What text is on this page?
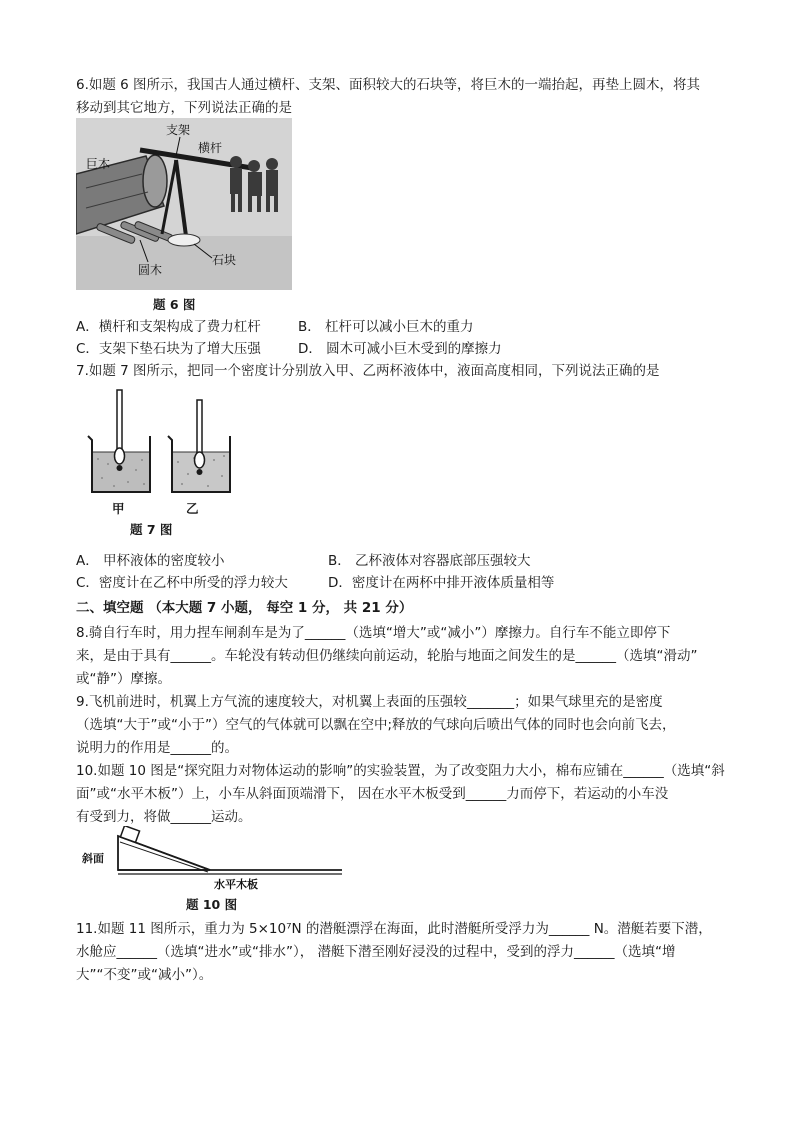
6.如题 6 图所示，我国古人通过横杆、支架、面积较大的石块等，将巨木的一端抬起，再垫上圆木，将其
移动到其它地方，下列说法正确的是
支架
横杆
巨木
石块
圆木
题 6 图
A．横杆和支架构成了费力杠杆	B． 杠杆可以减小巨木的重力
C．支架下垫石块为了增大压强	D． 圆木可减小巨木受到的摩擦力
7.如题 7 图所示，把同一个密度计分别放入甲、乙两杯液体中，液面高度相同，下列说法正确的是
甲	乙
题 7 图
A． 甲杯液体的密度较小	B． 乙杯液体对容器底部压强较大
C．密度计在乙杯中所受的浮力较大	D．密度计在两杯中排开液体质量相等
二、填空题 （本大题 7 小题， 每空 1 分， 共 21 分）
8.骑自行车时，用力捏车闸刹车是为了______（选填“增大”或“减小”）摩擦力。自行车不能立即停下
来，是由于具有______。车轮没有转动但仍继续向前运动，轮胎与地面之间发生的是______（选填“滑动”
或“静”）摩擦。
9.飞机前进时，机翼上方气流的速度较大，对机翼上表面的压强较_______；如果气球里充的是密度
（选填“大于”或“小于”）空气的气体就可以飘在空中;释放的气球向后喷出气体的同时也会向前飞去，
说明力的作用是______的。
10.如题 10 图是“探究阻力对物体运动的影响”的实验装置，为了改变阻力大小，棉布应铺在______（选填“斜
面”或“水平木板”）上，小车从斜面顶端滑下， 因在水平木板受到______力而停下，若运动的小车没
有受到力，将做______运动。
斜面
水平木板
题 10 图
11.如题 11 图所示，重力为 5×10⁷N 的潜艇漂浮在海面，此时潜艇所受浮力为______ N。潜艇若要下潜，
水舱应______（选填“进水”或“排水”）， 潜艇下潜至刚好浸没的过程中，受到的浮力______（选填“增
大”“不变”或“减小”）。
